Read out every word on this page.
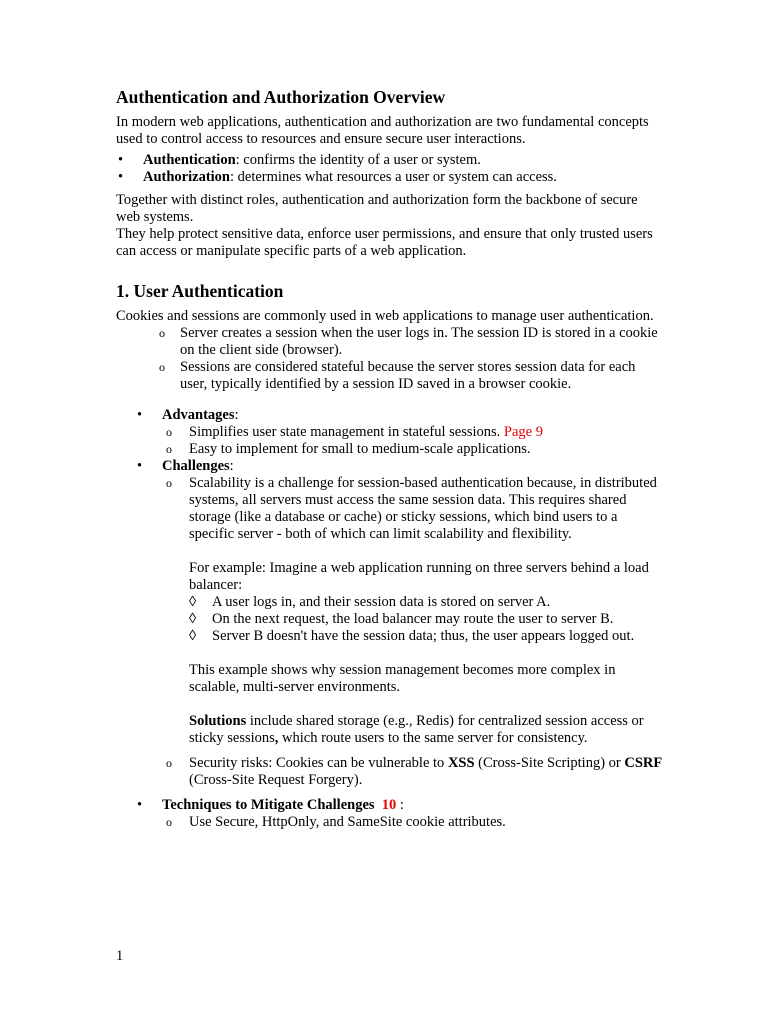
Authentication and Authorization Overview

In modern web applications, authentication and authorization are two fundamental concepts used to control access to resources and ensure secure user interactions.

• Authentication: confirms the identity of a user or system.
• Authorization: determines what resources a user or system can access.

Together with distinct roles, authentication and authorization form the backbone of secure web systems.

They help protect sensitive data, enforce user permissions, and ensure that only trusted users can access or manipulate specific parts of a web application.

1. User Authentication

Cookies and sessions are commonly used in web applications to manage user authentication.

o Server creates a session when the user logs in. The session ID is stored in a cookie on the client side (browser).
o Sessions are considered stateful because the server stores session data for each user, typically identified by a session ID saved in a browser cookie.
• Advantages:
o Simplifies user state management in stateful sessions. Page 9
o Easy to implement for small to medium-scale applications.
• Challenges:

o Scalability is a challenge for session-based authentication because, in distributed systems, all servers must access the same session data. This requires shared storage (like a database or cache) or sticky sessions, which bind users to a specific server - both of which can limit scalability and flexibility.

For example: Imagine a web application running on three servers behind a load balancer:

◊ A user logs in, and their session data is stored on server A.
◊ On the next request, the load balancer may route the user to server B.
◊ Server B doesn't have the session data; thus, the user appears logged out.

This example shows why session management becomes more complex in scalable, multi-server environments.

Solutions include shared storage (e.g., Redis) for centralized session access or sticky sessions, which route users to the same server for consistency.

o Security risks: Cookies can be vulnerable to XSS (Cross-Site Scripting) or CSRF (Cross-Site Request Forgery).
• Techniques to Mitigate Challenges 10 :
o Use Secure, HttpOnly, and SameSite cookie attributes.
1
